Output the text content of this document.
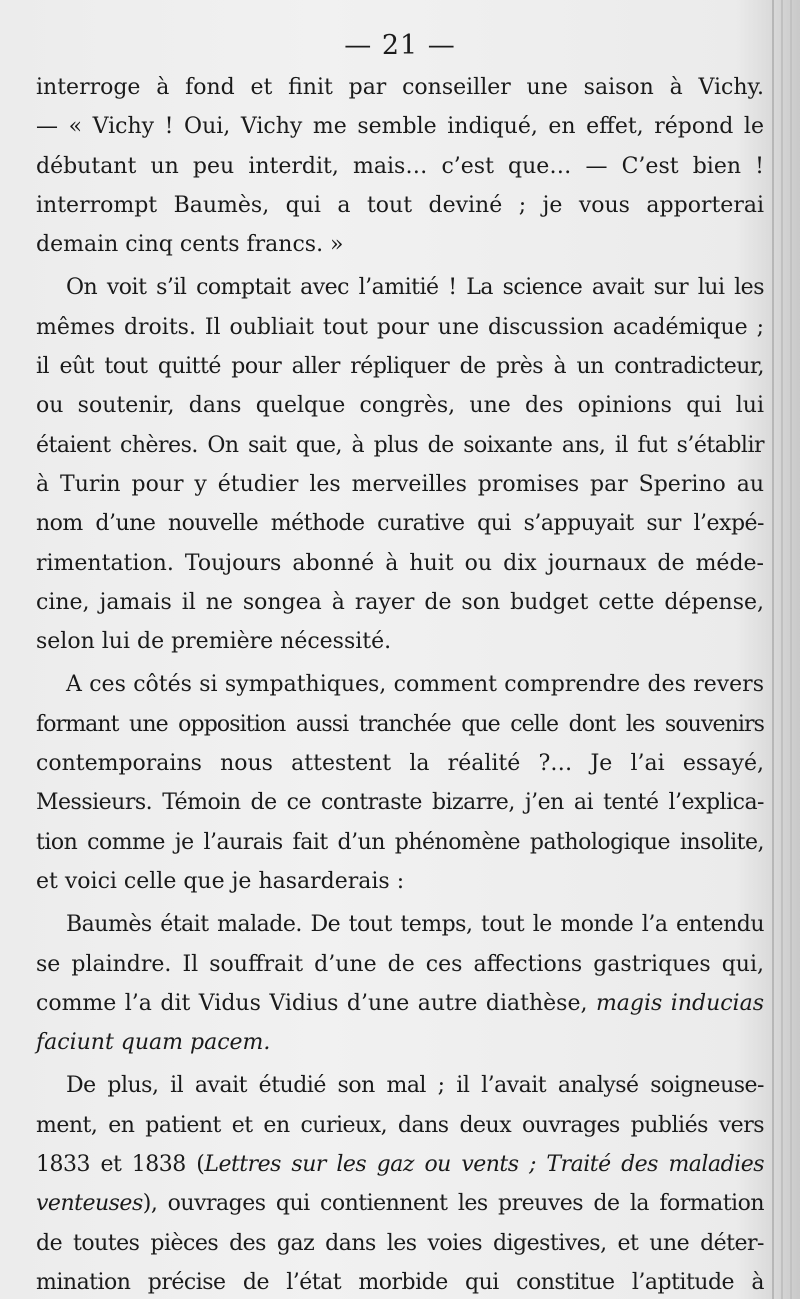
— 21 —
interroge à fond et finit par conseiller une saison à Vichy.
— « Vichy ! Oui, Vichy me semble indiqué, en effet, répond le
débutant un peu interdit, mais… c’est que… — C’est bien !
interrompt Baumès, qui a tout deviné ; je vous apporterai
demain cinq cents francs. »
On voit s’il comptait avec l’amitié ! La science avait sur lui les
mêmes droits. Il oubliait tout pour une discussion académique ;
il eût tout quitté pour aller répliquer de près à un contradicteur,
ou soutenir, dans quelque congrès, une des opinions qui lui
étaient chères. On sait que, à plus de soixante ans, il fut s’établir
à Turin pour y étudier les merveilles promises par Sperino au
nom d’une nouvelle méthode curative qui s’appuyait sur l’expé-
rimentation. Toujours abonné à huit ou dix journaux de méde-
cine, jamais il ne songea à rayer de son budget cette dépense,
selon lui de première nécessité.
A ces côtés si sympathiques, comment comprendre des revers
formant une opposition aussi tranchée que celle dont les souvenirs
contemporains nous attestent la réalité ?… Je l’ai essayé,
Messieurs. Témoin de ce contraste bizarre, j’en ai tenté l’explica-
tion comme je l’aurais fait d’un phénomène pathologique insolite,
et voici celle que je hasarderais :
Baumès était malade. De tout temps, tout le monde l’a entendu
se plaindre. Il souffrait d’une de ces affections gastriques qui,
comme l’a dit Vidus Vidius d’une autre diathèse, magis inducias
faciunt quam pacem.
De plus, il avait étudié son mal ; il l’avait analysé soigneuse-
ment, en patient et en curieux, dans deux ouvrages publiés vers
1833 et 1838 (Lettres sur les gaz ou vents ; Traité des maladies
venteuses), ouvrages qui contiennent les preuves de la formation
de toutes pièces des gaz dans les voies digestives, et une déter-
mination précise de l’état morbide qui constitue l’aptitude à
